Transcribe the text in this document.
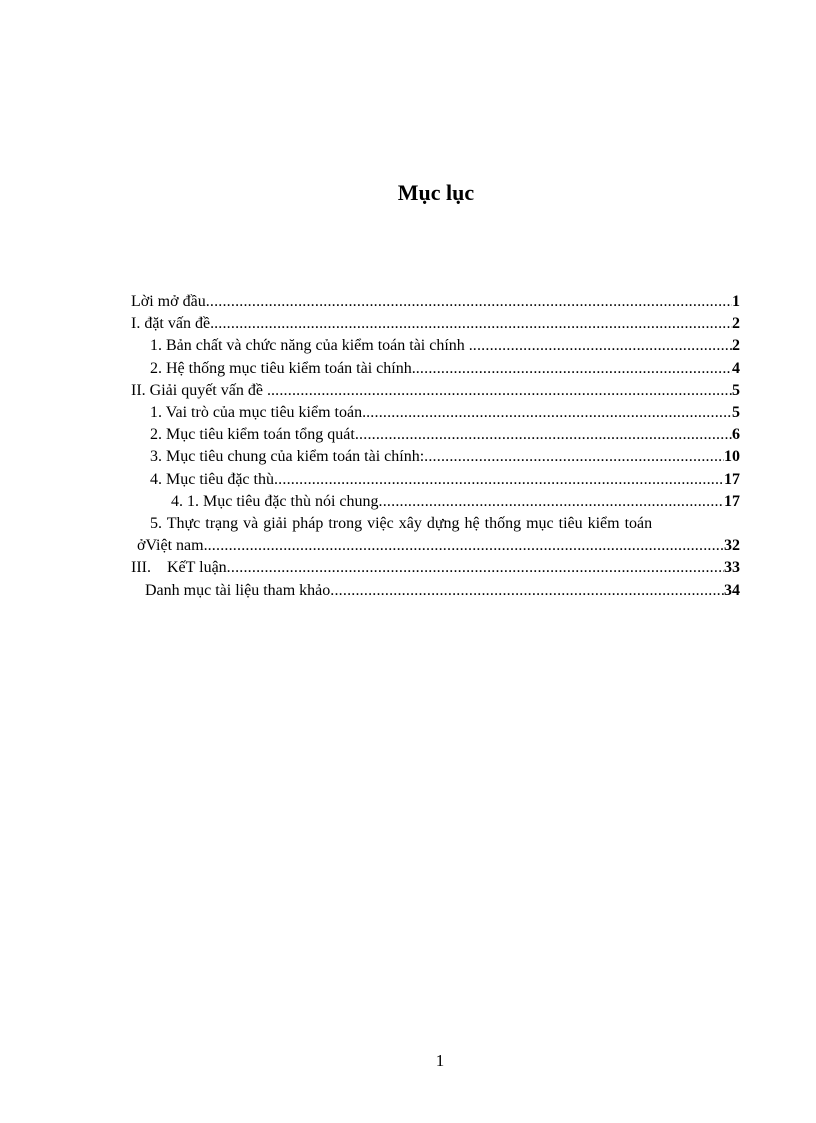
Mục lục
Lời mở đầu .....	1
I. đặt vấn đề. .....	2
1. Bản chất và chức năng của kiểm toán tài chính . .....	2
2. Hệ thống mục tiêu kiểm toán tài chính. .....	4
II. Giải quyết vấn đề . .....	5
1. Vai trò của mục tiêu kiểm toán. .....	5
2. Mục tiêu kiểm toán tổng quát .....	6
3. Mục tiêu chung của kiểm toán tài chính: .....	10
4. Mục tiêu đặc thù .....	17
4. 1. Mục tiêu đặc thù nói chung .....	17
5. Thực trạng và giải pháp trong việc xây dựng hệ thống mục tiêu kiểm toán
ởViệt nam. .....	32
III.    KếT luận .....	33
Danh mục tài liệu tham khảo .....	34
1
